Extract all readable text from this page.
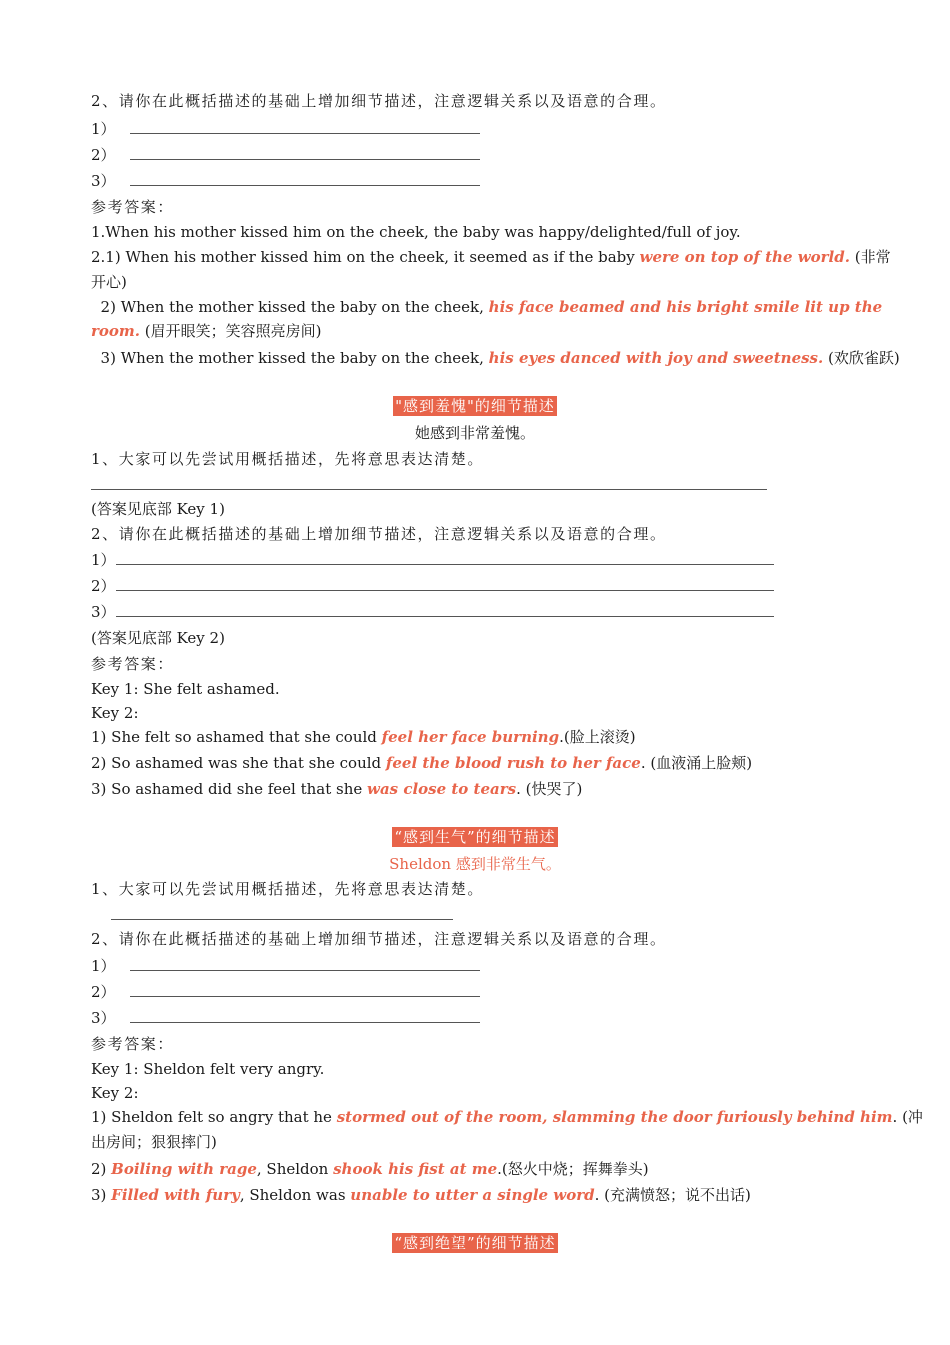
2、请你在此概括描述的基础上增加细节描述，注意逻辑关系以及语意的合理。
1）
2）
3）
参考答案：
1.When his mother kissed him on the cheek, the baby was happy/delighted/full of joy.
2.1) When his mother kissed him on the cheek, it seemed as if the baby were on top of the world. (非常
开心)
2) When the mother kissed the baby on the cheek, his face beamed and his bright smile lit up the
room. (眉开眼笑；笑容照亮房间)
3) When the mother kissed the baby on the cheek, his eyes danced with joy and sweetness. (欢欣雀跃)
"感到羞愧"的细节描述
她感到非常羞愧。
1、大家可以先尝试用概括描述，先将意思表达清楚。
(答案见底部 Key 1)
2、请你在此概括描述的基础上增加细节描述，注意逻辑关系以及语意的合理。
1）
2）
3）
(答案见底部 Key 2)
参考答案：
Key 1: She felt ashamed.
Key 2:
1) She felt so ashamed that she could feel her face burning.(脸上滚烫)
2) So ashamed was she that she could feel the blood rush to her face. (血液涌上脸颊)
3) So ashamed did she feel that she was close to tears. (快哭了)
“感到生气”的细节描述
Sheldon 感到非常生气。
1、大家可以先尝试用概括描述，先将意思表达清楚。
2、请你在此概括描述的基础上增加细节描述，注意逻辑关系以及语意的合理。
1）
2）
3）
参考答案：
Key 1: Sheldon felt very angry.
Key 2:
1) Sheldon felt so angry that he stormed out of the room, slamming the door furiously behind him. (冲
出房间；狠狠摔门)
2) Boiling with rage, Sheldon shook his fist at me.(怒火中烧；挥舞拳头)
3) Filled with fury, Sheldon was unable to utter a single word. (充满愤怒；说不出话)
“感到绝望”的细节描述
